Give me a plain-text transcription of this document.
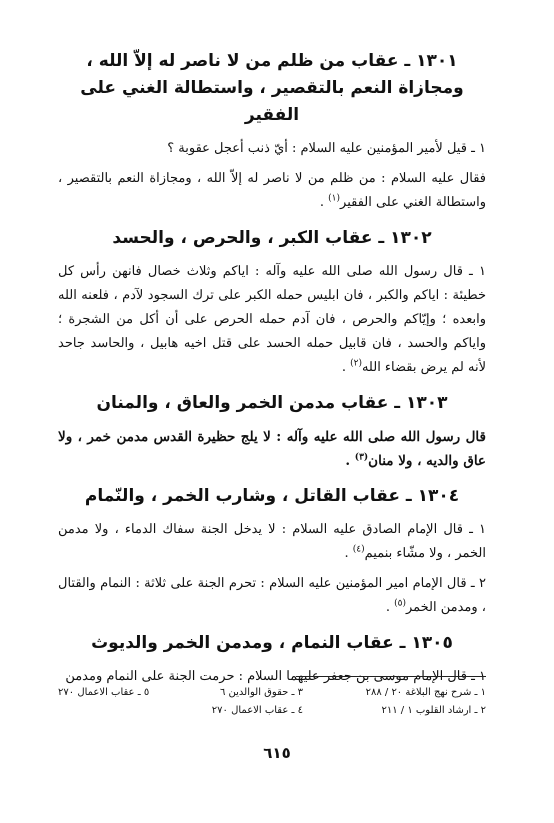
١٣٠١ ـ عقاب من ظلم من لا ناصر له إلاّ الله ، ومجازاة النعم بالتقصير ، واستطالة الغني على الفقير

١ ـ قيل لأمير المؤمنين عليه السلام : أيّ ذنب أعجل عقوبة ؟

فقال عليه السلام : من ظلم من لا ناصر له إلاّ الله ، ومجازاة النعم بالتقصير ، واستطالة الغني على الفقير$^{(١)}$ .

١٣٠٢ ـ عقاب الكبر ، والحرص ، والحسد

١ ـ قال رسول الله صلى الله عليه وآله : اياكم وثلاث خصال فانهن رأس كل خطيئة : اياكم والكبر ، فان ابليس حمله الكبر على ترك السجود لآدم ، فلعنه الله وابعده ؛ وإيّاكم والحرص ، فان آدم حمله الحرص على أن أكل من الشجرة ؛ واياكم والحسد ، فان قابيل حمله الحسد على قتل اخيه هابيل ، والحاسد جاحد لأنه لم يرض بقضاء الله$^{(٢)}$ .

١٣٠٣ ـ عقاب مدمن الخمر والعاق ، والمنان

قال رسول الله صلى الله عليه وآله : لا يلج حظيرة القدس مدمن خمر ، ولا عاق والديه ، ولا منان$^{(٣)}$ .

١٣٠٤ ـ عقاب القاتل ، وشارب الخمر ، والنّمام

١ ـ قال الإمام الصادق عليه السلام : لا يدخل الجنة سفاك الدماء ، ولا مدمن الخمر ، ولا مشّاء بنميم$^{(٤)}$ .

٢ ـ قال الإمام امير المؤمنين عليه السلام : تحرم الجنة على ثلاثة : النمام والقتال ، ومدمن الخمر$^{(٥)}$ .

١٣٠٥ ـ عقاب النمام ، ومدمن الخمر والديوث

١ ـ قال الإمام موسى بن جعفر عليهما السلام : حرمت الجنة على النمام ومدمن

١ ـ شرح نهج البلاغة ٢٠ / ٢٨٨
٢ ـ ارشاد القلوب ١ / ٢١١
٣ ـ حقوق الوالدين ٦
٤ ـ عقاب الاعمال ٢٧٠
٥ ـ عقاب الاعمال ٢٧٠
٦١٥
